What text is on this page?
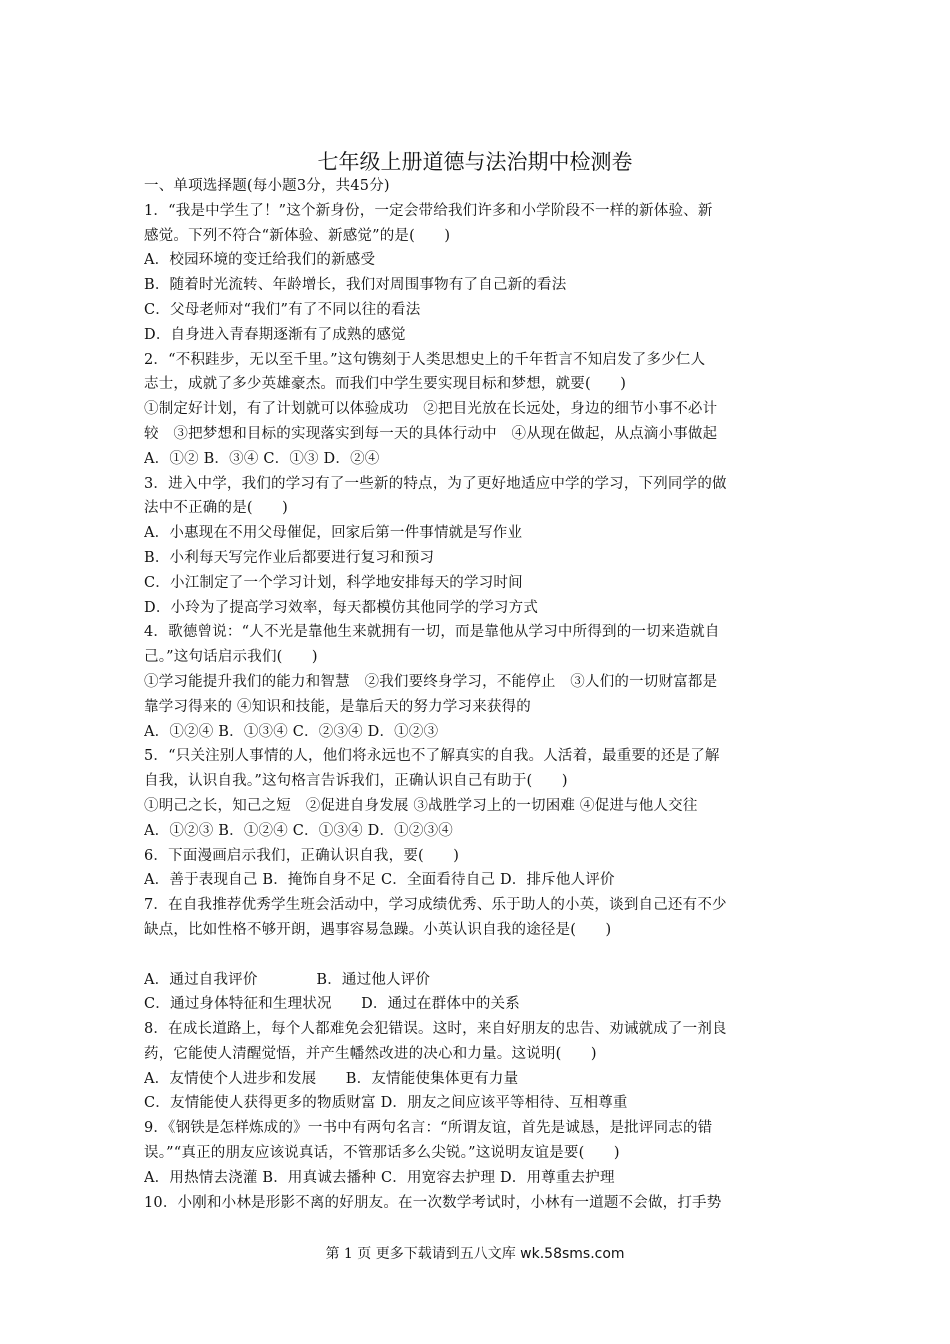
七年级上册道德与法治期中检测卷
一、单项选择题(每小题3分，共45分)
1．“我是中学生了！”这个新身份，一定会带给我们许多和小学阶段不一样的新体验、新
感觉。下列不符合“新体验、新感觉”的是(　　)
A．校园环境的变迁给我们的新感受
B．随着时光流转、年龄增长，我们对周围事物有了自己新的看法
C．父母老师对“我们”有了不同以往的看法
D．自身进入青春期逐渐有了成熟的感觉
2．“不积跬步，无以至千里。”这句镌刻于人类思想史上的千年哲言不知启发了多少仁人
志士，成就了多少英雄豪杰。而我们中学生要实现目标和梦想，就要(　　)
①制定好计划，有了计划就可以体验成功　②把目光放在长远处，身边的细节小事不必计
较　③把梦想和目标的实现落实到每一天的具体行动中　④从现在做起，从点滴小事做起
A．①② B．③④ C．①③ D．②④
3．进入中学，我们的学习有了一些新的特点，为了更好地适应中学的学习，下列同学的做
法中不正确的是(　　)
A．小惠现在不用父母催促，回家后第一件事情就是写作业
B．小利每天写完作业后都要进行复习和预习
C．小江制定了一个学习计划，科学地安排每天的学习时间
D．小玲为了提高学习效率，每天都模仿其他同学的学习方式
4．歌德曾说：“人不光是靠他生来就拥有一切，而是靠他从学习中所得到的一切来造就自
己。”这句话启示我们(　　)
①学习能提升我们的能力和智慧　②我们要终身学习，不能停止　③人们的一切财富都是
靠学习得来的 ④知识和技能，是靠后天的努力学习来获得的
A．①②④ B．①③④ C．②③④ D．①②③
5．“只关注别人事情的人，他们将永远也不了解真实的自我。人活着，最重要的还是了解
自我，认识自我。”这句格言告诉我们，正确认识自己有助于(　　)
①明己之长，知己之短　②促进自身发展 ③战胜学习上的一切困难 ④促进与他人交往
A．①②③ B．①②④ C．①③④ D．①②③④
6．下面漫画启示我们，正确认识自我，要(　　)
A．善于表现自己 B．掩饰自身不足 C．全面看待自己 D．排斥他人评价
7．在自我推荐优秀学生班会活动中，学习成绩优秀、乐于助人的小英，谈到自己还有不少
缺点，比如性格不够开朗，遇事容易急躁。小英认识自我的途径是(　　)
A．通过自我评价　　　　B．通过他人评价
C．通过身体特征和生理状况　　D．通过在群体中的关系
8．在成长道路上，每个人都难免会犯错误。这时，来自好朋友的忠告、劝诫就成了一剂良
药，它能使人清醒觉悟，并产生幡然改进的决心和力量。这说明(　　)
A．友情使个人进步和发展　　B．友情能使集体更有力量
C．友情能使人获得更多的物质财富 D．朋友之间应该平等相待、互相尊重
9．《钢铁是怎样炼成的》一书中有两句名言：“所谓友谊，首先是诚恳，是批评同志的错
误。”“真正的朋友应该说真话，不管那话多么尖锐。”这说明友谊是要(　　)
A．用热情去浇灌 B．用真诚去播种 C．用宽容去护理 D．用尊重去护理
10．小刚和小林是形影不离的好朋友。在一次数学考试时，小林有一道题不会做，打手势
第 1 页 更多下载请到五八文库 wk.58sms.com
